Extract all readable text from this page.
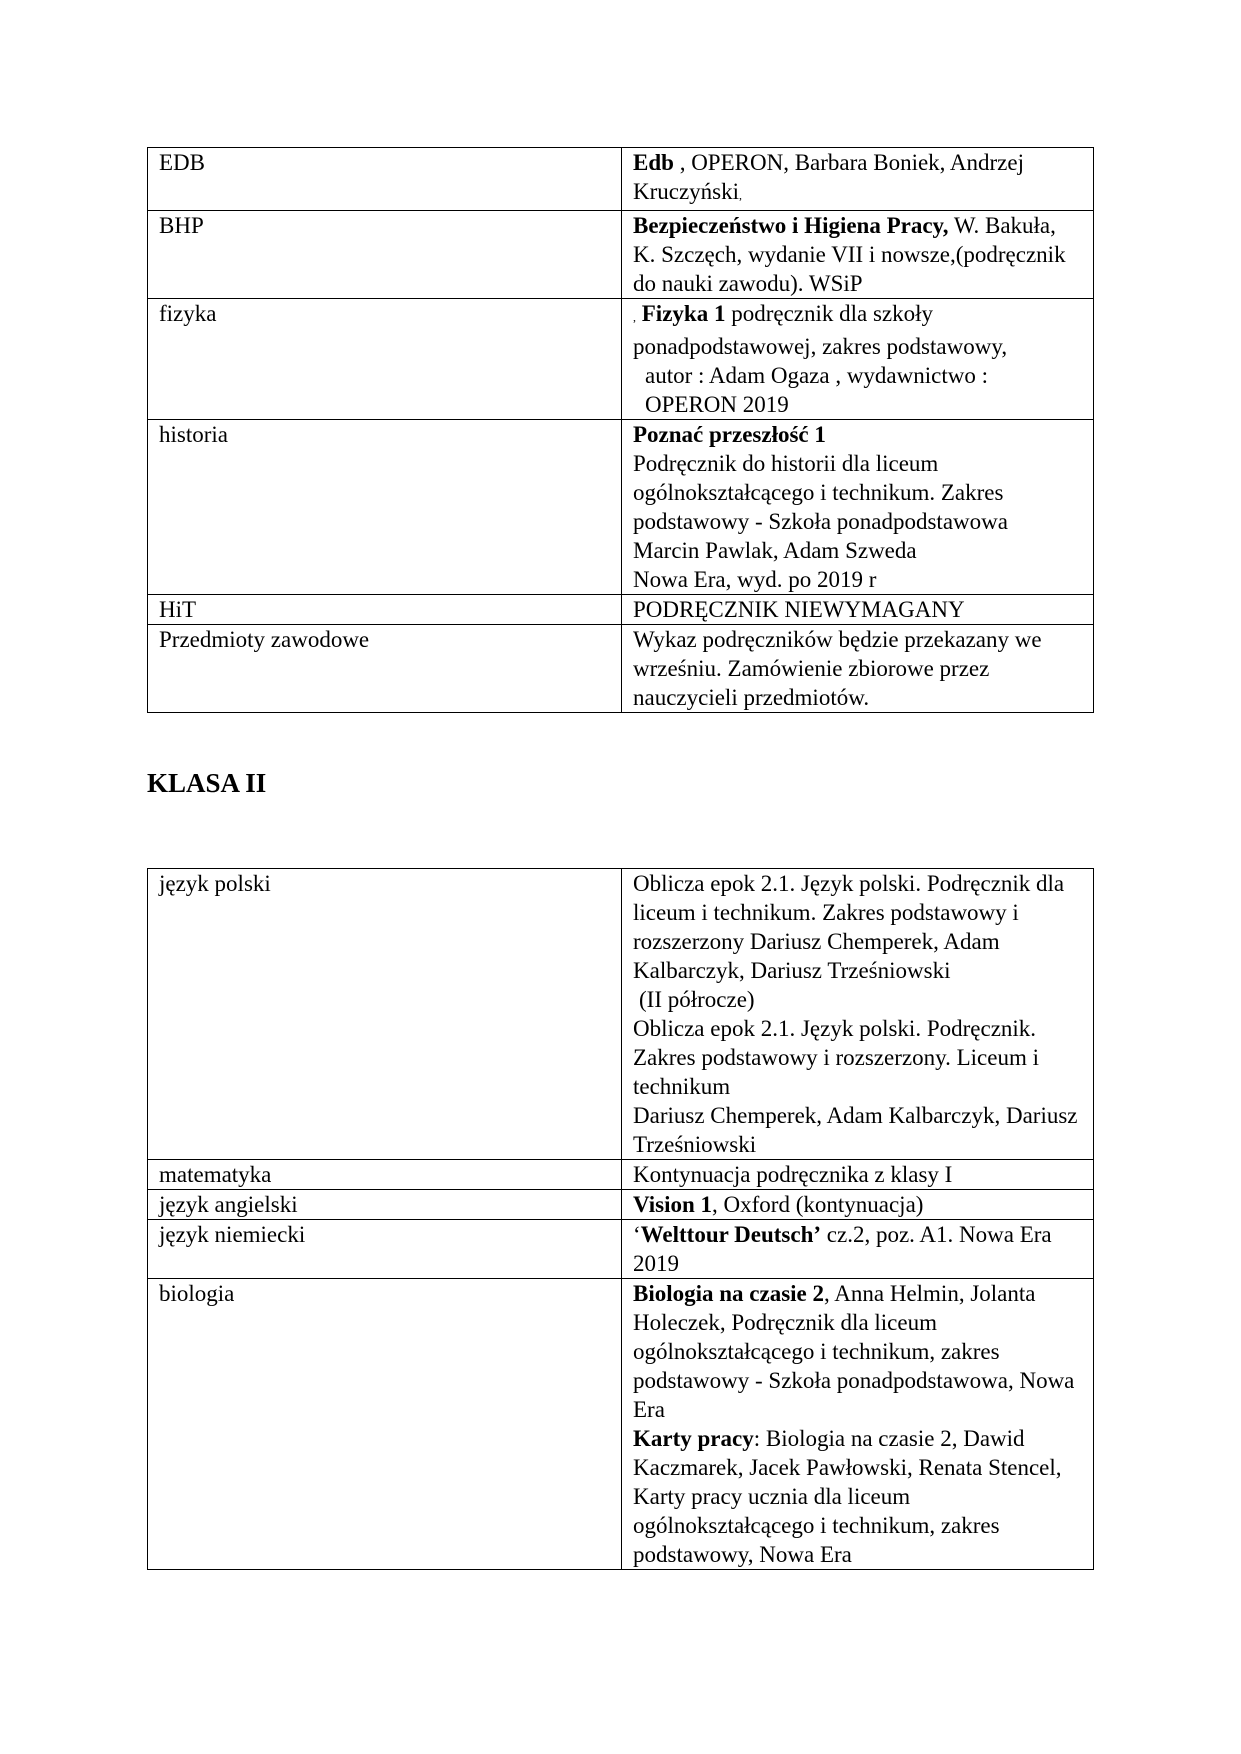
EDB	Edb , OPERON, Barbara Boniek, Andrzej Kruczyński,
BHP	Bezpieczeństwo i Higiena Pracy, W. Bakuła, K. Szczęch, wydanie VII i nowsze,(podręcznik do nauki zawodu). WSiP
fizyka	, Fizyka 1 podręcznik dla szkoły ponadpodstawowej, zakres podstawowy,
autor : Adam Ogaza , wydawnictwo : OPERON 2019

historia	Poznać przeszłość 1
Podręcznik do historii dla liceum ogólnokształcącego i technikum. Zakres podstawowy - Szkoła ponadpodstawowa
Marcin Pawlak, Adam Szweda
Nowa Era, wyd. po 2019 r

HiT	PODRĘCZNIK NIEWYMAGANY
Przedmioty zawodowe	Wykaz podręczników będzie przekazany we wrześniu. Zamówienie zbiorowe przez nauczycieli przedmiotów.
KLASA II
język polski	Oblicza epok 2.1. Język polski. Podręcznik dla liceum i technikum. Zakres podstawowy i rozszerzony Dariusz Chemperek, Adam Kalbarczyk, Dariusz Trześniowski
(II półrocze)
Oblicza epok 2.1. Język polski. Podręcznik. Zakres podstawowy i rozszerzony. Liceum i technikum
Dariusz Chemperek, Adam Kalbarczyk, Dariusz Trześniowski

matematyka	Kontynuacja podręcznika z klasy I
język angielski	Vision 1, Oxford (kontynuacja)
język niemiecki	‘Welttour Deutsch’ cz.2, poz. A1. Nowa Era 2019
biologia	Biologia na czasie 2, Anna Helmin, Jolanta Holeczek, Podręcznik dla liceum ogólnokształcącego i technikum, zakres podstawowy - Szkoła ponadpodstawowa, Nowa Era
Karty pracy: Biologia na czasie 2, Dawid Kaczmarek, Jacek Pawłowski, Renata Stencel, Karty pracy ucznia dla liceum ogólnokształcącego i technikum, zakres podstawowy, Nowa Era
